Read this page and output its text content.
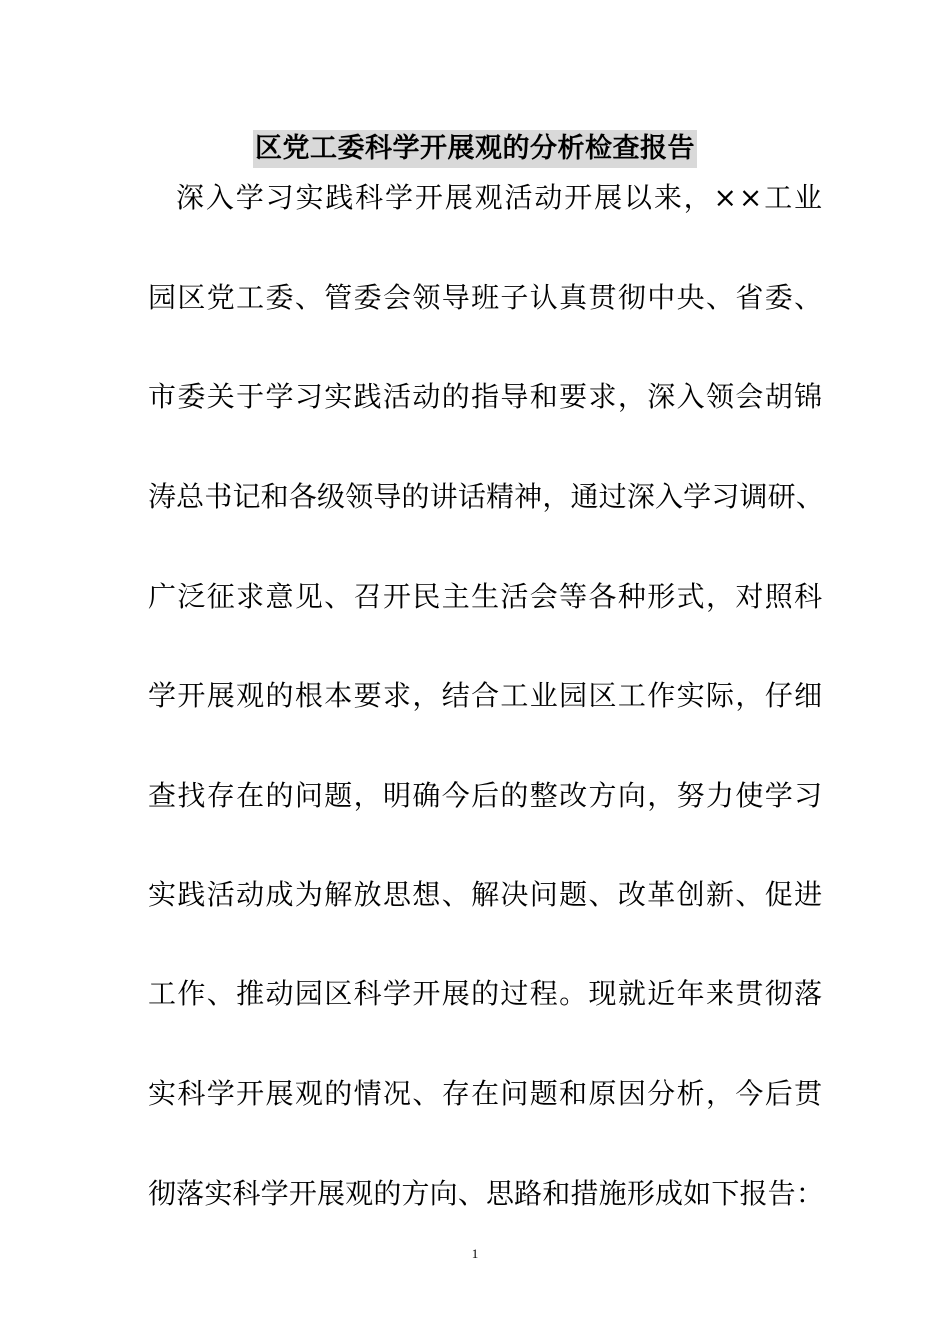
区党工委科学开展观的分析检查报告
深入学习实践科学开展观活动开展以来，××工业
园区党工委、管委会领导班子认真贯彻中央、省委、
市委关于学习实践活动的指导和要求，深入领会胡锦
涛总书记和各级领导的讲话精神，通过深入学习调研、
广泛征求意见、召开民主生活会等各种形式，对照科
学开展观的根本要求，结合工业园区工作实际，仔细
查找存在的问题，明确今后的整改方向，努力使学习
实践活动成为解放思想、解决问题、改革创新、促进
工作、推动园区科学开展的过程。现就近年来贯彻落
实科学开展观的情况、存在问题和原因分析，今后贯
彻落实科学开展观的方向、思路和措施形成如下报告：
1
